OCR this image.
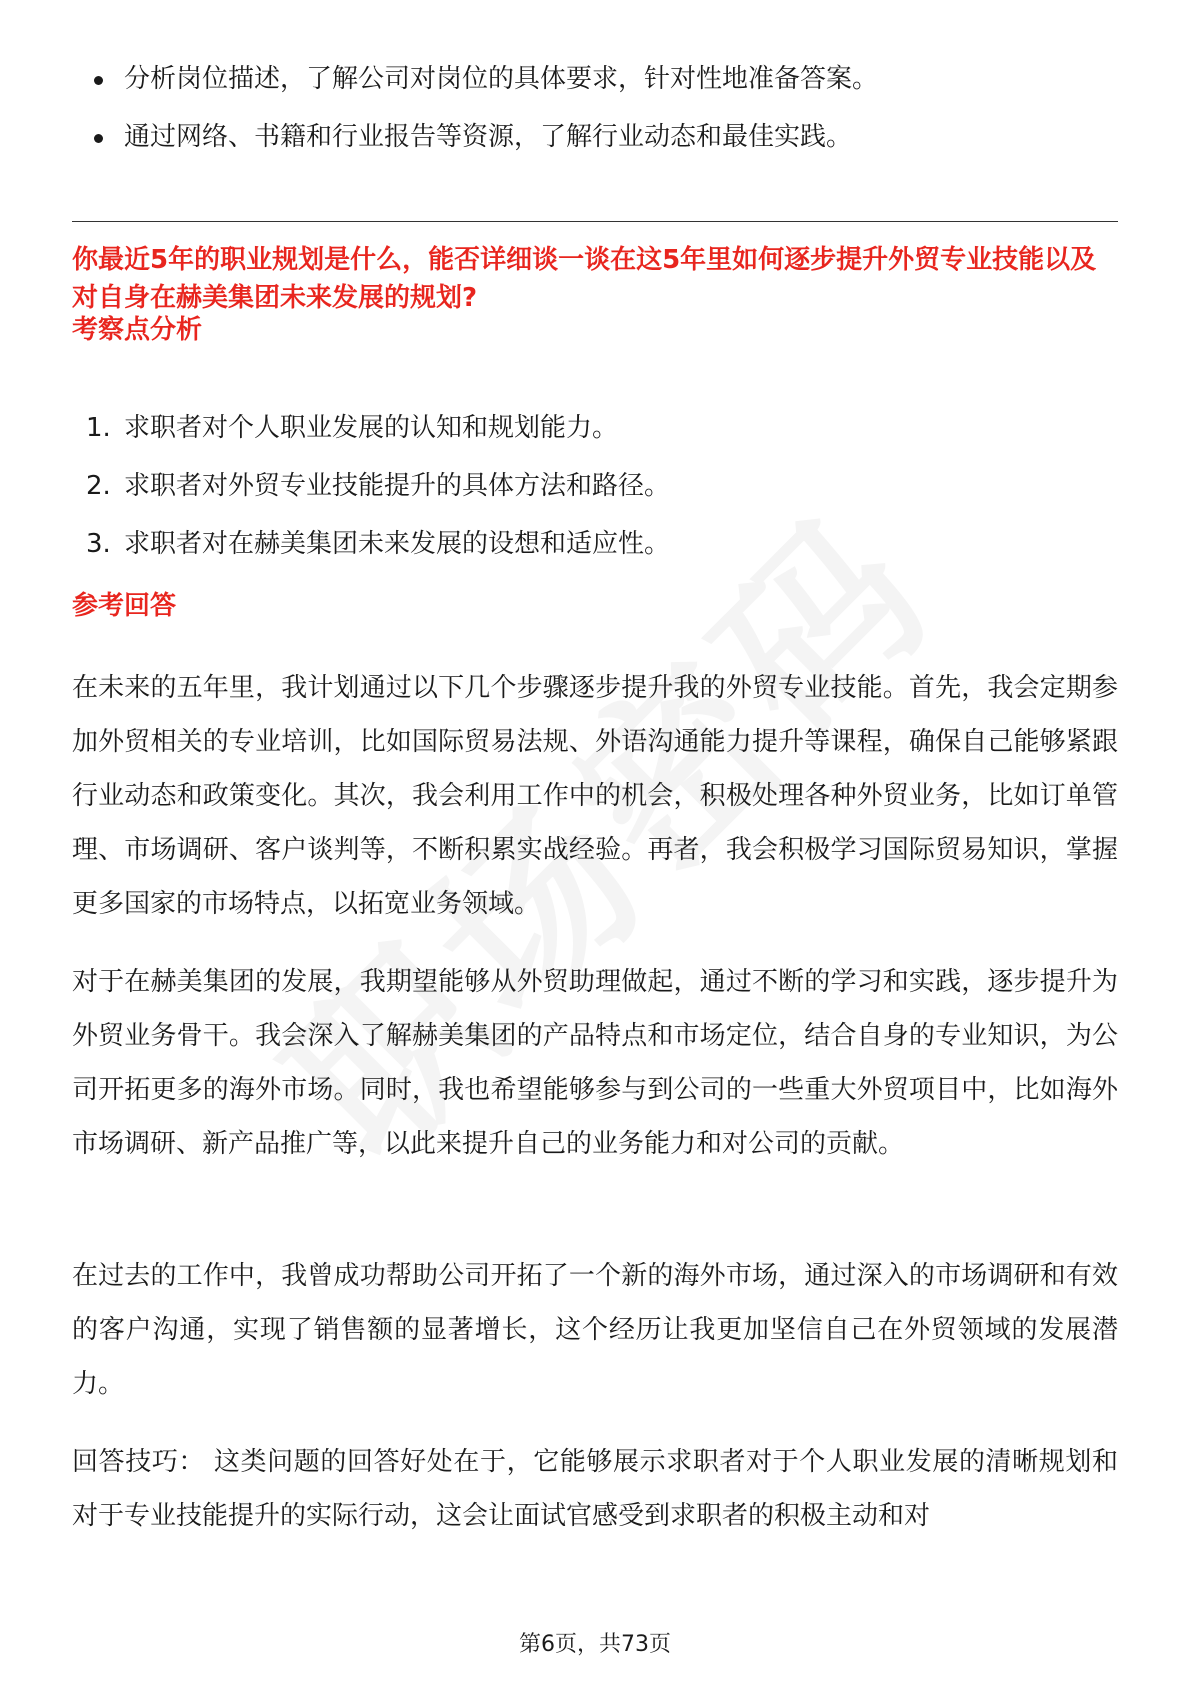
分析岗位描述，了解公司对岗位的具体要求，针对性地准备答案。
通过网络、书籍和行业报告等资源，了解行业动态和最佳实践。
你最近5年的职业规划是什么，能否详细谈一谈在这5年里如何逐步提升外贸专业技能以及对自身在赫美集团未来发展的规划?
考察点分析
1. 求职者对个人职业发展的认知和规划能力。
2. 求职者对外贸专业技能提升的具体方法和路径。
3. 求职者对在赫美集团未来发展的设想和适应性。
参考回答
在未来的五年里，我计划通过以下几个步骤逐步提升我的外贸专业技能。首先，我会定期参加外贸相关的专业培训，比如国际贸易法规、外语沟通能力提升等课程，确保自己能够紧跟行业动态和政策变化。其次，我会利用工作中的机会，积极处理各种外贸业务，比如订单管理、市场调研、客户谈判等，不断积累实战经验。再者，我会积极学习国际贸易知识，掌握更多国家的市场特点，以拓宽业务领域。
对于在赫美集团的发展，我期望能够从外贸助理做起，通过不断的学习和实践，逐步提升为外贸业务骨干。我会深入了解赫美集团的产品特点和市场定位，结合自身的专业知识，为公司开拓更多的海外市场。同时，我也希望能够参与到公司的一些重大外贸项目中，比如海外市场调研、新产品推广等，以此来提升自己的业务能力和对公司的贡献。
在过去的工作中，我曾成功帮助公司开拓了一个新的海外市场，通过深入的市场调研和有效的客户沟通，实现了销售额的显著增长，这个经历让我更加坚信自己在外贸领域的发展潜力。
回答技巧： 这类问题的回答好处在于，它能够展示求职者对于个人职业发展的清晰规划和对于专业技能提升的实际行动，这会让面试官感受到求职者的积极主动和对
第6页，共73页
